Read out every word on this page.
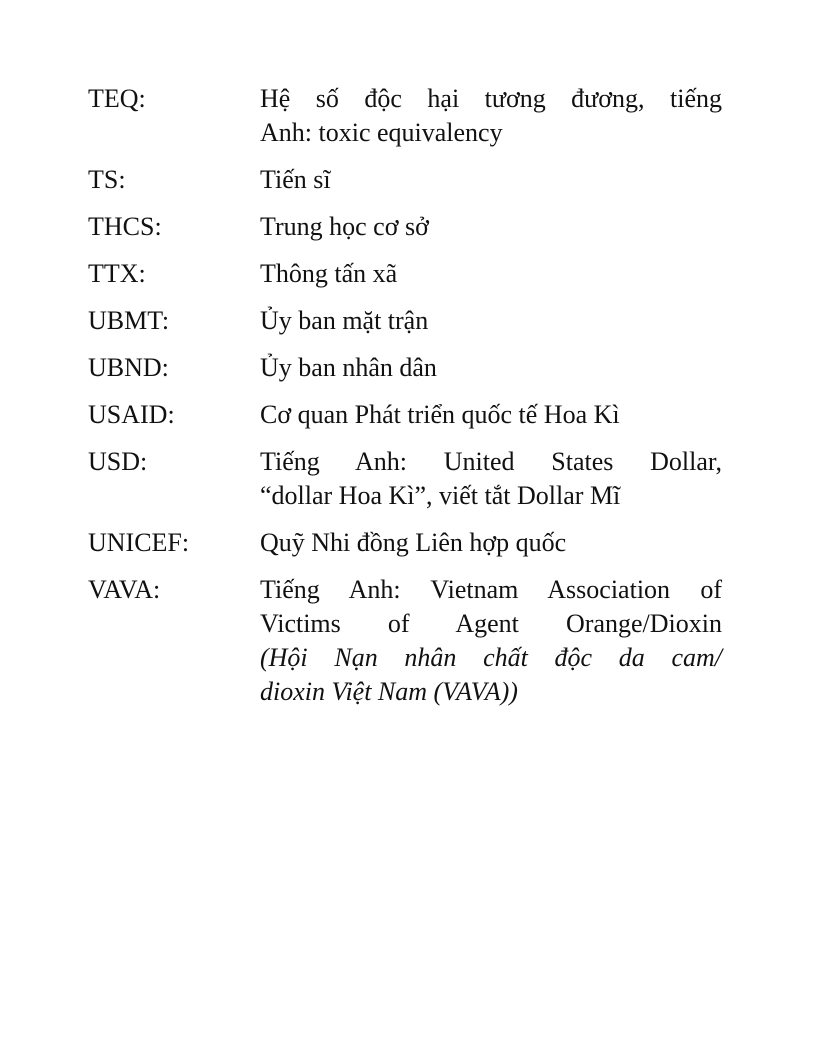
TEQ:	Hệ số độc hại tương đương, tiếng
Anh: toxic equivalency
TS:	Tiến sĩ
THCS:	Trung học cơ sở
TTX:	Thông tấn xã
UBMT:	Ủy ban mặt trận
UBND:	Ủy ban nhân dân
USAID:	Cơ quan Phát triển quốc tế Hoa Kì
USD:	Tiếng Anh: United States Dollar,
“dollar Hoa Kì”, viết tắt Dollar Mĩ
UNICEF:	Quỹ Nhi đồng Liên hợp quốc
VAVA:	Tiếng Anh: Vietnam Association of
Victims of Agent Orange/Dioxin
(Hội Nạn nhân chất độc da cam/
dioxin Việt Nam (VAVA))
